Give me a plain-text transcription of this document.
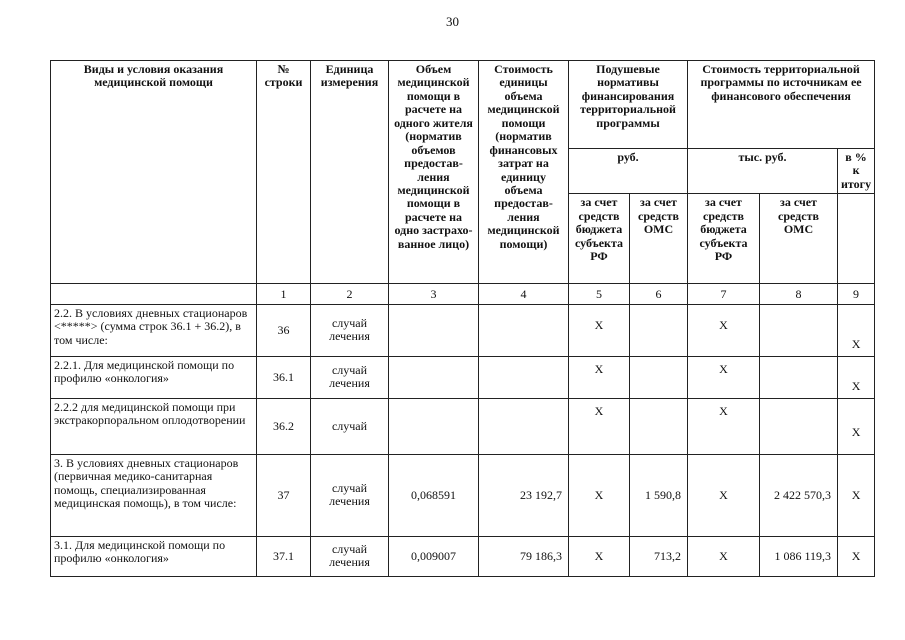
30
Виды и условия оказания медицинской помощи	№ строки	Единица измерения	Объем медицинской помощи в расчете на одного жителя (норматив объемов предостав-ления медицинской помощи в расчете на одно застрахо-ванное лицо)	Стоимость единицы объема медицинской помощи (норматив финансовых затрат на единицу объема предостав-ления медицинской помощи)	Подушевые нормативы финансирования территориальной программы		Стоимость территориальной программы по источникам ее финансового обеспечения		
					руб.		тыс. руб.		в % к итогу
					за счет средств бюджета субъекта РФ	за счет средств ОМС	за счет средств бюджета субъекта РФ	за счет средств ОМС	
	1	2	3	4	5	6	7	8	9
2.2. В условиях дневных стационаров <*****> (сумма строк 36.1 + 36.2), в том числе:	36	случай лечения			Х		Х		Х
2.2.1. Для медицинской помощи по профилю «онкология»	36.1	случай лечения			Х		Х		Х
2.2.2 для медицинской помощи при экстракорпоральном оплодотворении	36.2	случай			Х		Х		Х
3. В условиях дневных стационаров (первичная медико-санитарная помощь, специализированная медицинская помощь), в том числе:	37	случай лечения	0,068591	23 192,7	Х	1 590,8	Х	2 422 570,3	Х
3.1. Для медицинской помощи по профилю «онкология»	37.1	случай лечения	0,009007	79 186,3	Х	713,2	Х	1 086 119,3	Х
